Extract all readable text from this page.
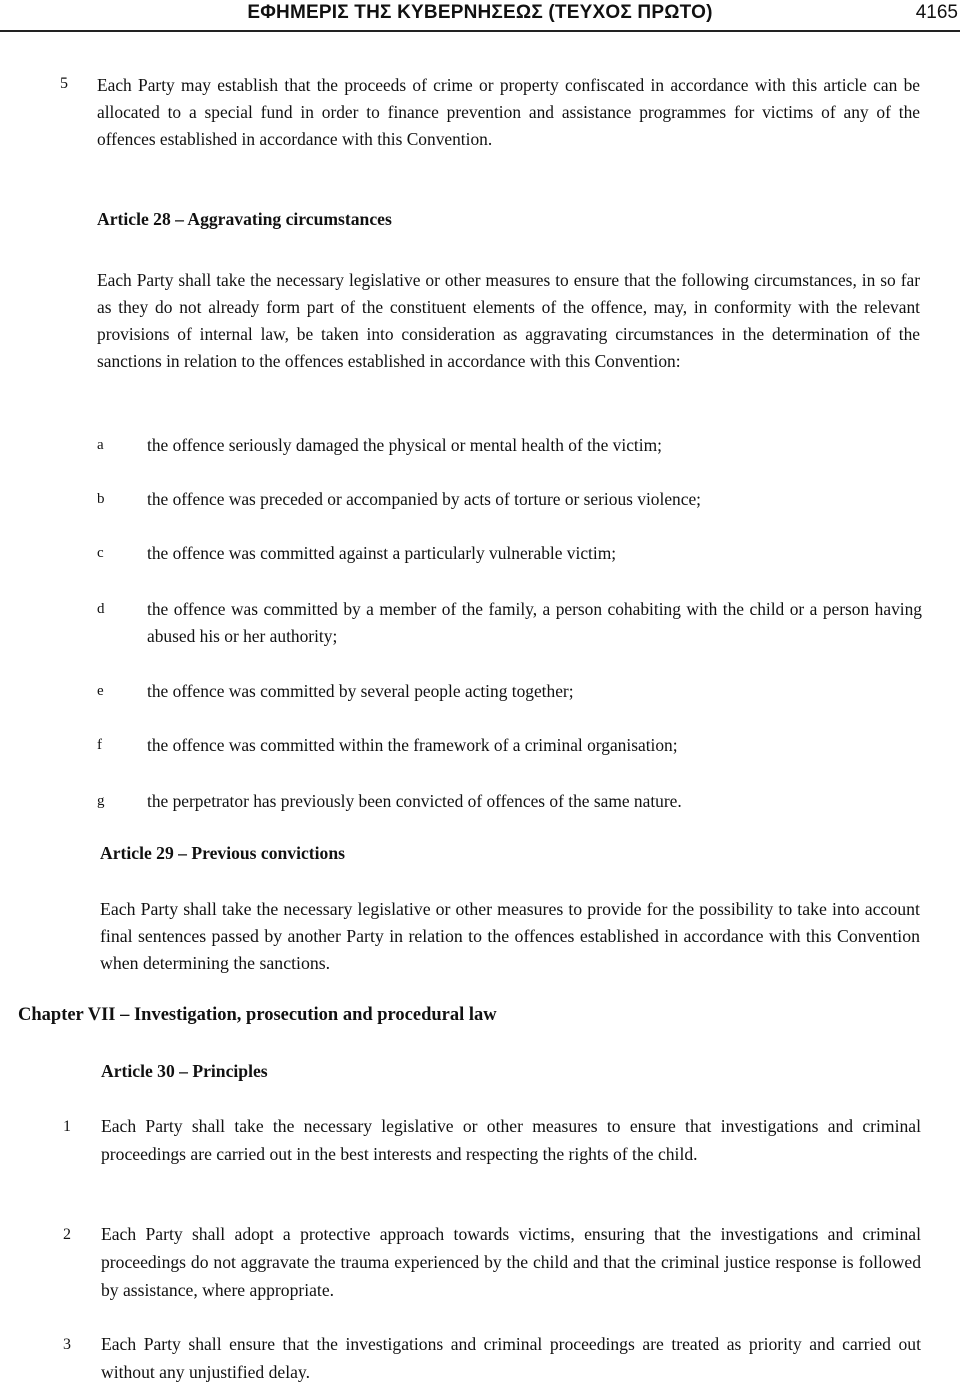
ΕΦΗΜΕΡΙΣ ΤΗΣ ΚΥΒΕΡΝΗΣΕΩΣ (ΤΕΥΧΟΣ ΠΡΩΤΟ)	4165
5 Each Party may establish that the proceeds of crime or property confiscated in accordance with this article can be allocated to a special fund in order to finance prevention and assistance programmes for victims of any of the offences established in accordance with this Convention.
Article 28 – Aggravating circumstances
Each Party shall take the necessary legislative or other measures to ensure that the following circumstances, in so far as they do not already form part of the constituent elements of the offence, may, in conformity with the relevant provisions of internal law, be taken into consideration as aggravating circumstances in the determination of the sanctions in relation to the offences established in accordance with this Convention:
a the offence seriously damaged the physical or mental health of the victim;
b the offence was preceded or accompanied by acts of torture or serious violence;
c the offence was committed against a particularly vulnerable victim;
d the offence was committed by a member of the family, a person cohabiting with the child or a person having abused his or her authority;
e the offence was committed by several people acting together;
f	the offence was committed within the framework of a criminal organisation;
g the perpetrator has previously been convicted of offences of the same nature.
Article 29 – Previous convictions
Each Party shall take the necessary legislative or other measures to provide for the possibility to take into account final sentences passed by another Party in relation to the offences established in accordance with this Convention when determining the sanctions.
Chapter VII – Investigation, prosecution and procedural law
Article 30 – Principles
1 Each Party shall take the necessary legislative or other measures to ensure that investigations and criminal proceedings are carried out in the best interests and respecting the rights of the child.
2 Each Party shall adopt a protective approach towards victims, ensuring that the investigations and criminal proceedings do not aggravate the trauma experienced by the child and that the criminal justice response is followed by assistance, where appropriate.
3 Each Party shall ensure that the investigations and criminal proceedings are treated as priority and carried out without any unjustified delay.
